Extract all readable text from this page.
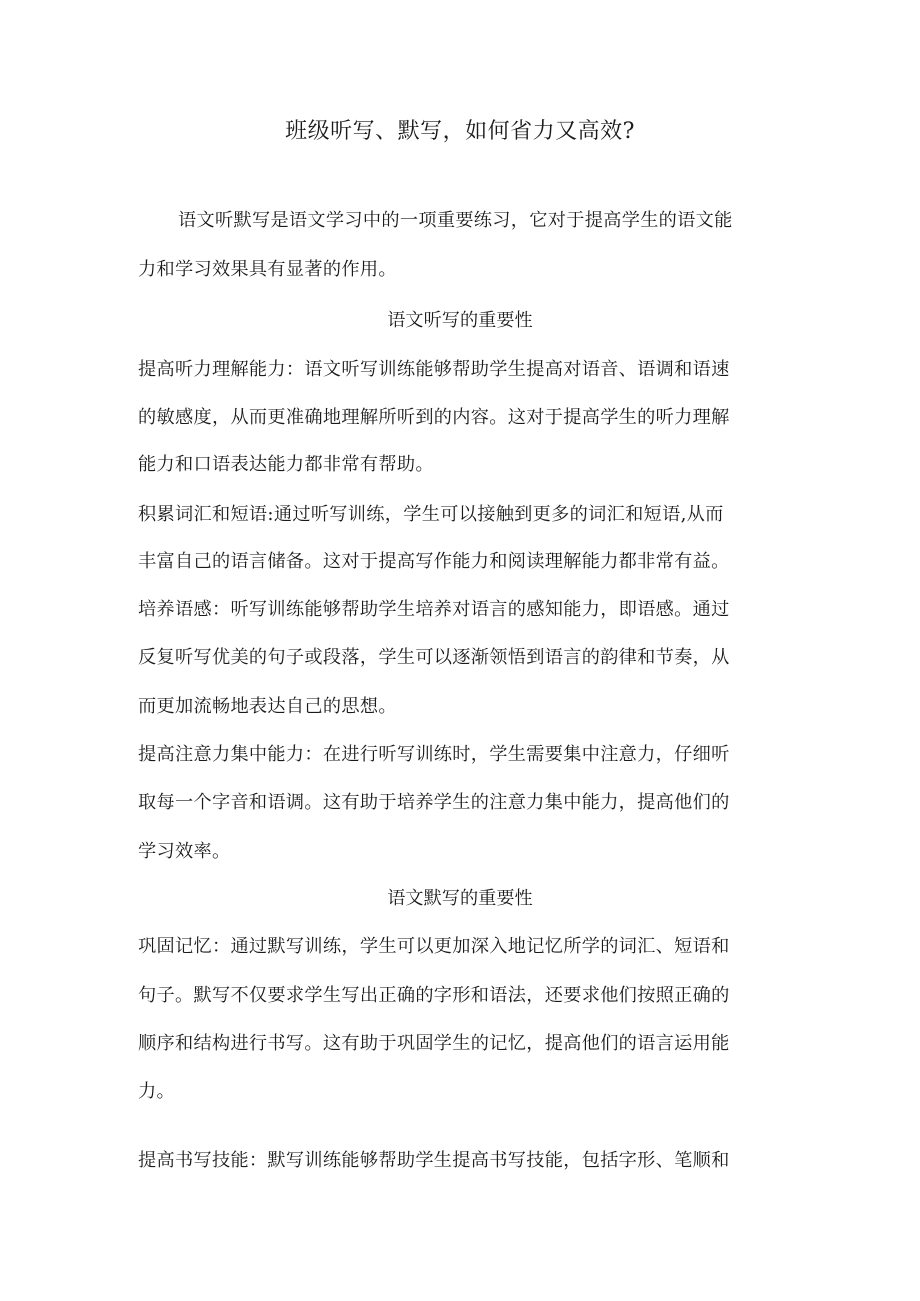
班级听写、默写，如何省力又高效?
语文听默写是语文学习中的一项重要练习，它对于提高学生的语文能
力和学习效果具有显著的作用。
语文听写的重要性
提高听力理解能力：语文听写训练能够帮助学生提高对语音、语调和语速
的敏感度，从而更准确地理解所听到的内容。这对于提高学生的听力理解
能力和口语表达能力都非常有帮助。
积累词汇和短语:通过听写训练，学生可以接触到更多的词汇和短语,从而
丰富自己的语言储备。这对于提高写作能力和阅读理解能力都非常有益。
培养语感：听写训练能够帮助学生培养对语言的感知能力，即语感。通过
反复听写优美的句子或段落，学生可以逐渐领悟到语言的韵律和节奏，从
而更加流畅地表达自己的思想。
提高注意力集中能力：在进行听写训练时，学生需要集中注意力，仔细听
取每一个字音和语调。这有助于培养学生的注意力集中能力，提高他们的
学习效率。
语文默写的重要性
巩固记忆：通过默写训练，学生可以更加深入地记忆所学的词汇、短语和
句子。默写不仅要求学生写出正确的字形和语法，还要求他们按照正确的
顺序和结构进行书写。这有助于巩固学生的记忆，提高他们的语言运用能
力。
提高书写技能：默写训练能够帮助学生提高书写技能，包括字形、笔顺和
